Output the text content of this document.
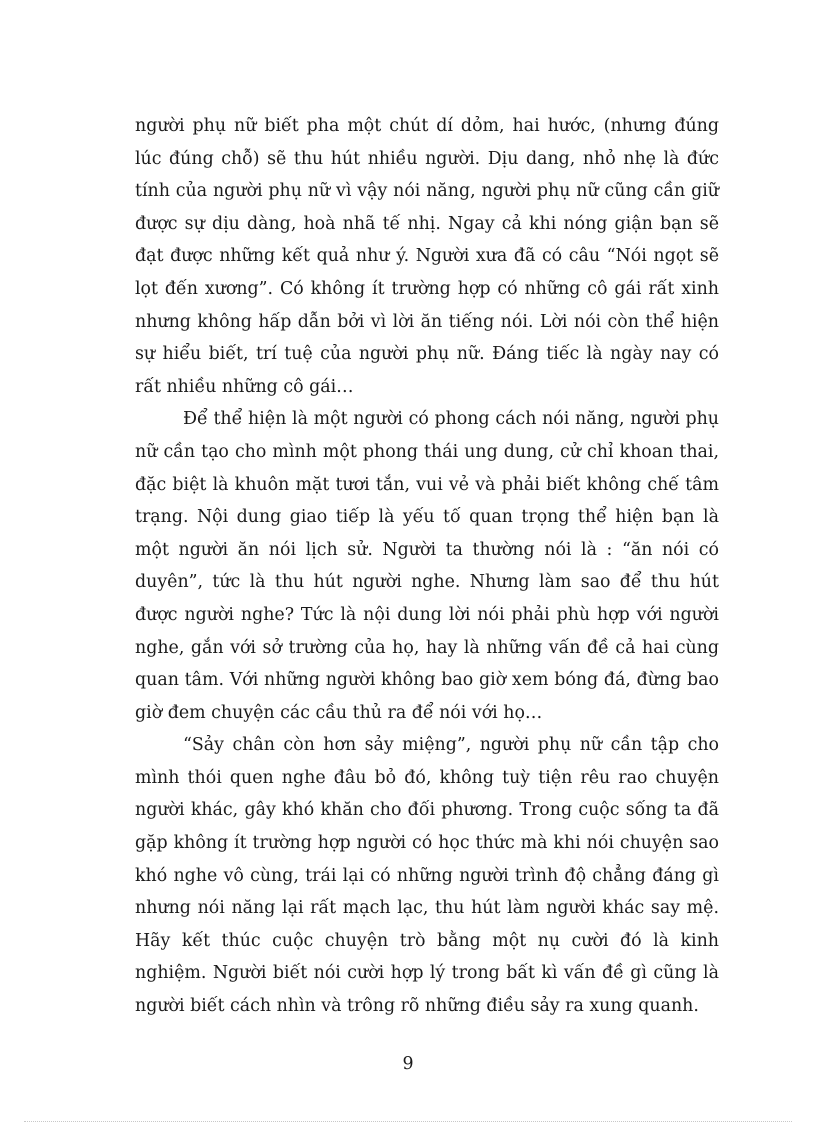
người phụ nữ biết pha một chút dí dỏm, hai hước, (nhưng đúng lúc đúng chỗ) sẽ thu hút nhiều người. Dịu dang, nhỏ nhẹ là đức tính của người phụ nữ vì vậy nói năng, người phụ nữ cũng cần giữ được sự dịu dàng, hoà nhã tế nhị. Ngay cả khi nóng giận bạn sẽ đạt được những kết quả như ý. Người xưa đã có câu “Nói ngọt sẽ lọt đến xương”. Có không ít trường hợp có những cô gái rất xinh nhưng không hấp dẫn bởi vì lời ăn tiếng nói. Lời nói còn thể hiện sự hiểu biết, trí tuệ của người phụ nữ. Đáng tiếc là ngày nay có rất nhiều những cô gái…

Để thể hiện là một người có phong cách nói năng, người phụ nữ cần tạo cho mình một phong thái ung dung, cử chỉ khoan thai, đặc biệt là khuôn mặt tươi tắn, vui vẻ và phải biết không chế tâm trạng. Nội dung giao tiếp là yếu tố quan trọng thể hiện bạn là một người ăn nói lịch sử. Người ta thường nói là : “ăn nói có duyên”, tức là thu hút người nghe. Nhưng làm sao để thu hút được người nghe? Tức là nội dung lời nói phải phù hợp với người nghe, gắn với sở trường của họ, hay là những vấn đề cả hai cùng quan tâm. Với những người không bao giờ xem bóng đá, đừng bao giờ đem chuyện các cầu thủ ra để nói với họ…

“Sảy chân còn hơn sảy miệng”, người phụ nữ cần tập cho mình thói quen nghe đâu bỏ đó, không tuỳ tiện rêu rao chuyện người khác, gây khó khăn cho đối phương. Trong cuộc sống ta đã gặp không ít trường hợp người có học thức mà khi nói chuyện sao khó nghe vô cùng, trái lại có những người trình độ chẳng đáng gì nhưng nói năng lại rất mạch lạc, thu hút làm người khác say mệ. Hãy kết thúc cuộc chuyện trò bằng một nụ cười đó là kinh nghiệm. Người biết nói cười hợp lý trong bất kì vấn đề gì cũng là người biết cách nhìn và trông rõ những điều sảy ra xung quanh.

9
